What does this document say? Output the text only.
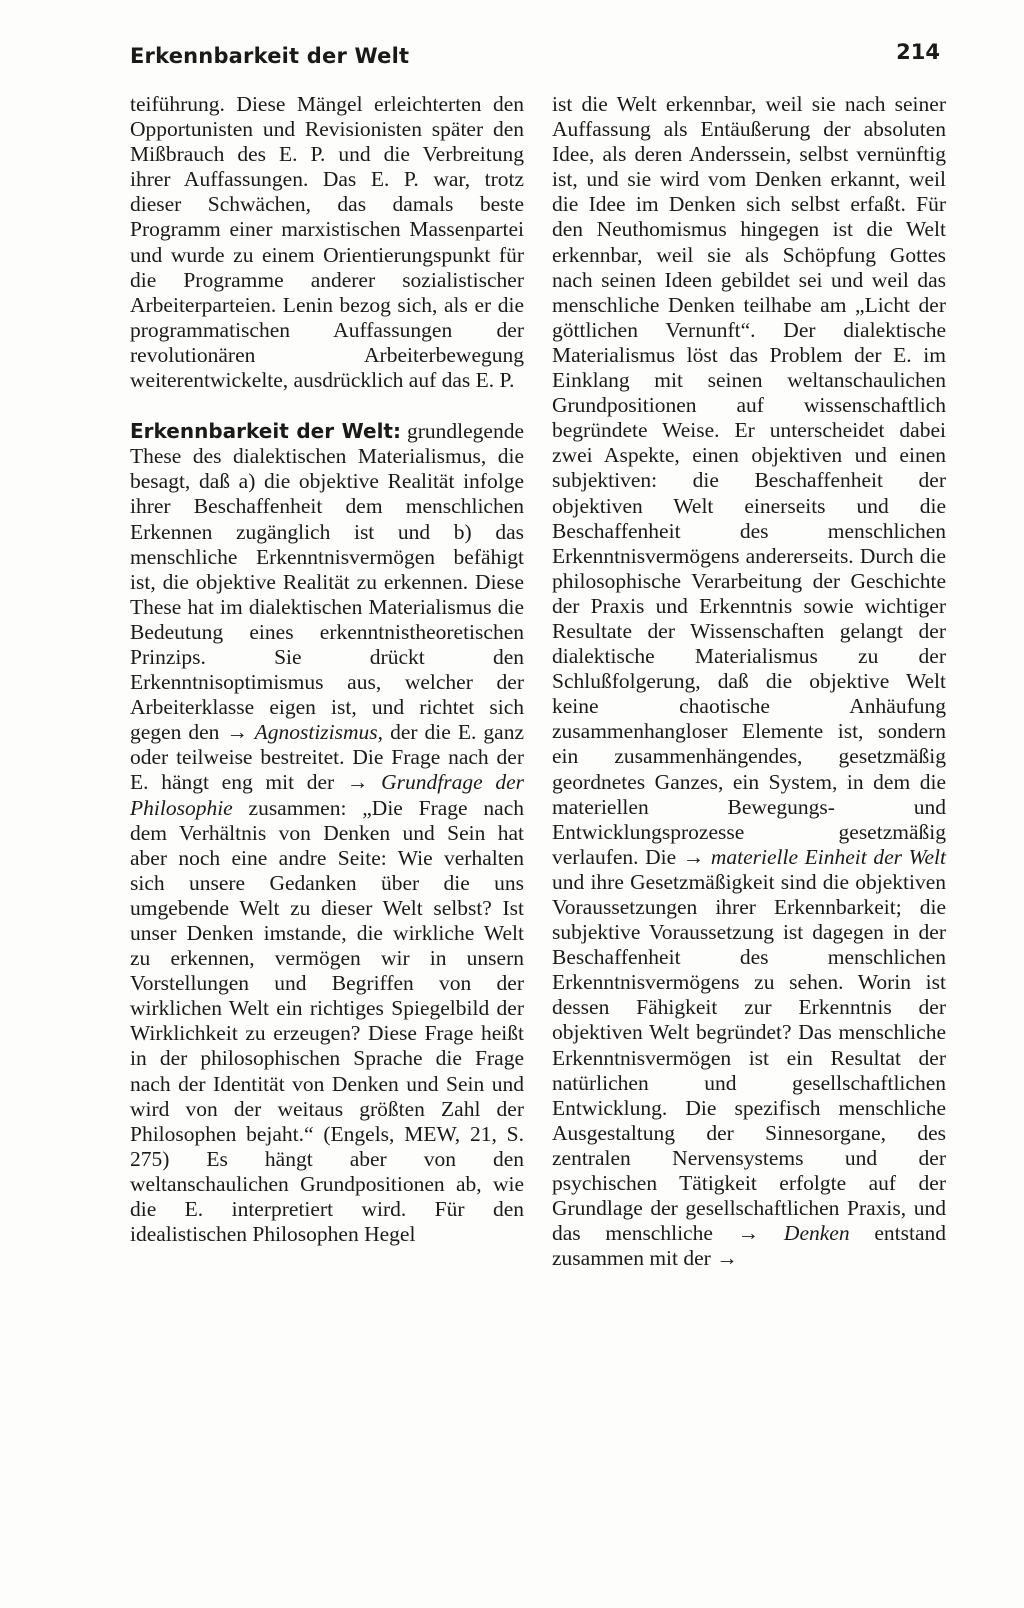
Erkennbarkeit der Welt	214

teiführung. Diese Mängel erleichterten den Opportunisten und Revisionisten später den Mißbrauch des E. P. und die Verbreitung ihrer Auffassungen. Das E. P. war, trotz dieser Schwächen, das damals beste Programm einer marxistischen Massenpartei und wurde zu einem Orientierungspunkt für die Programme anderer sozialistischer Arbeiterparteien. Lenin bezog sich, als er die programmatischen Auffassungen der revolutionären Arbeiterbewegung weiterentwickelte, ausdrücklich auf das E. P.

Erkennbarkeit der Welt: grundlegende These des dialektischen Materialismus, die besagt, daß a) die objektive Realität infolge ihrer Beschaffenheit dem menschlichen Erkennen zugänglich ist und b) das menschliche Erkenntnisvermögen befähigt ist, die objektive Realität zu erkennen. Diese These hat im dialektischen Materialismus die Bedeutung eines erkenntnistheoretischen Prinzips. Sie drückt den Erkenntnisoptimismus aus, welcher der Arbeiterklasse eigen ist, und richtet sich gegen den → Agnostizismus, der die E. ganz oder teilweise bestreitet. Die Frage nach der E. hängt eng mit der → Grundfrage der Philosophie zusammen: „Die Frage nach dem Verhältnis von Denken und Sein hat aber noch eine andre Seite: Wie verhalten sich unsere Gedanken über die uns umgebende Welt zu dieser Welt selbst? Ist unser Denken imstande, die wirkliche Welt zu erkennen, vermögen wir in unsern Vorstellungen und Begriffen von der wirklichen Welt ein richtiges Spiegelbild der Wirklichkeit zu erzeugen? Diese Frage heißt in der philosophischen Sprache die Frage nach der Identität von Denken und Sein und wird von der weitaus größten Zahl der Philosophen bejaht.“ (Engels, MEW, 21, S. 275) Es hängt aber von den weltanschaulichen Grundpositionen ab, wie die E. interpretiert wird. Für den idealistischen Philosophen Hegel

ist die Welt erkennbar, weil sie nach seiner Auffassung als Entäußerung der absoluten Idee, als deren Anderssein, selbst vernünftig ist, und sie wird vom Denken erkannt, weil die Idee im Denken sich selbst erfaßt. Für den Neuthomismus hingegen ist die Welt erkennbar, weil sie als Schöpfung Gottes nach seinen Ideen gebildet sei und weil das menschliche Denken teilhabe am „Licht der göttlichen Vernunft“. Der dialektische Materialismus löst das Problem der E. im Einklang mit seinen weltanschaulichen Grundpositionen auf wissenschaftlich begründete Weise. Er unterscheidet dabei zwei Aspekte, einen objektiven und einen subjektiven: die Beschaffenheit der objektiven Welt einerseits und die Beschaffenheit des menschlichen Erkenntnisvermögens andererseits. Durch die philosophische Verarbeitung der Geschichte der Praxis und Erkenntnis sowie wichtiger Resultate der Wissenschaften gelangt der dialektische Materialismus zu der Schlußfolgerung, daß die objektive Welt keine chaotische Anhäufung zusammenhangloser Elemente ist, sondern ein zusammenhängendes, gesetzmäßig geordnetes Ganzes, ein System, in dem die materiellen Bewegungs- und Entwicklungsprozesse gesetzmäßig verlaufen. Die → materielle Einheit der Welt und ihre Gesetzmäßigkeit sind die objektiven Voraussetzungen ihrer Erkennbarkeit; die subjektive Voraussetzung ist dagegen in der Beschaffenheit des menschlichen Erkenntnisvermögens zu sehen. Worin ist dessen Fähigkeit zur Erkenntnis der objektiven Welt begründet? Das menschliche Erkenntnisvermögen ist ein Resultat der natürlichen und gesellschaftlichen Entwicklung. Die spezifisch menschliche Ausgestaltung der Sinnesorgane, des zentralen Nervensystems und der psychischen Tätigkeit erfolgte auf der Grundlage der gesellschaftlichen Praxis, und das menschliche → Denken entstand zusammen mit der →
